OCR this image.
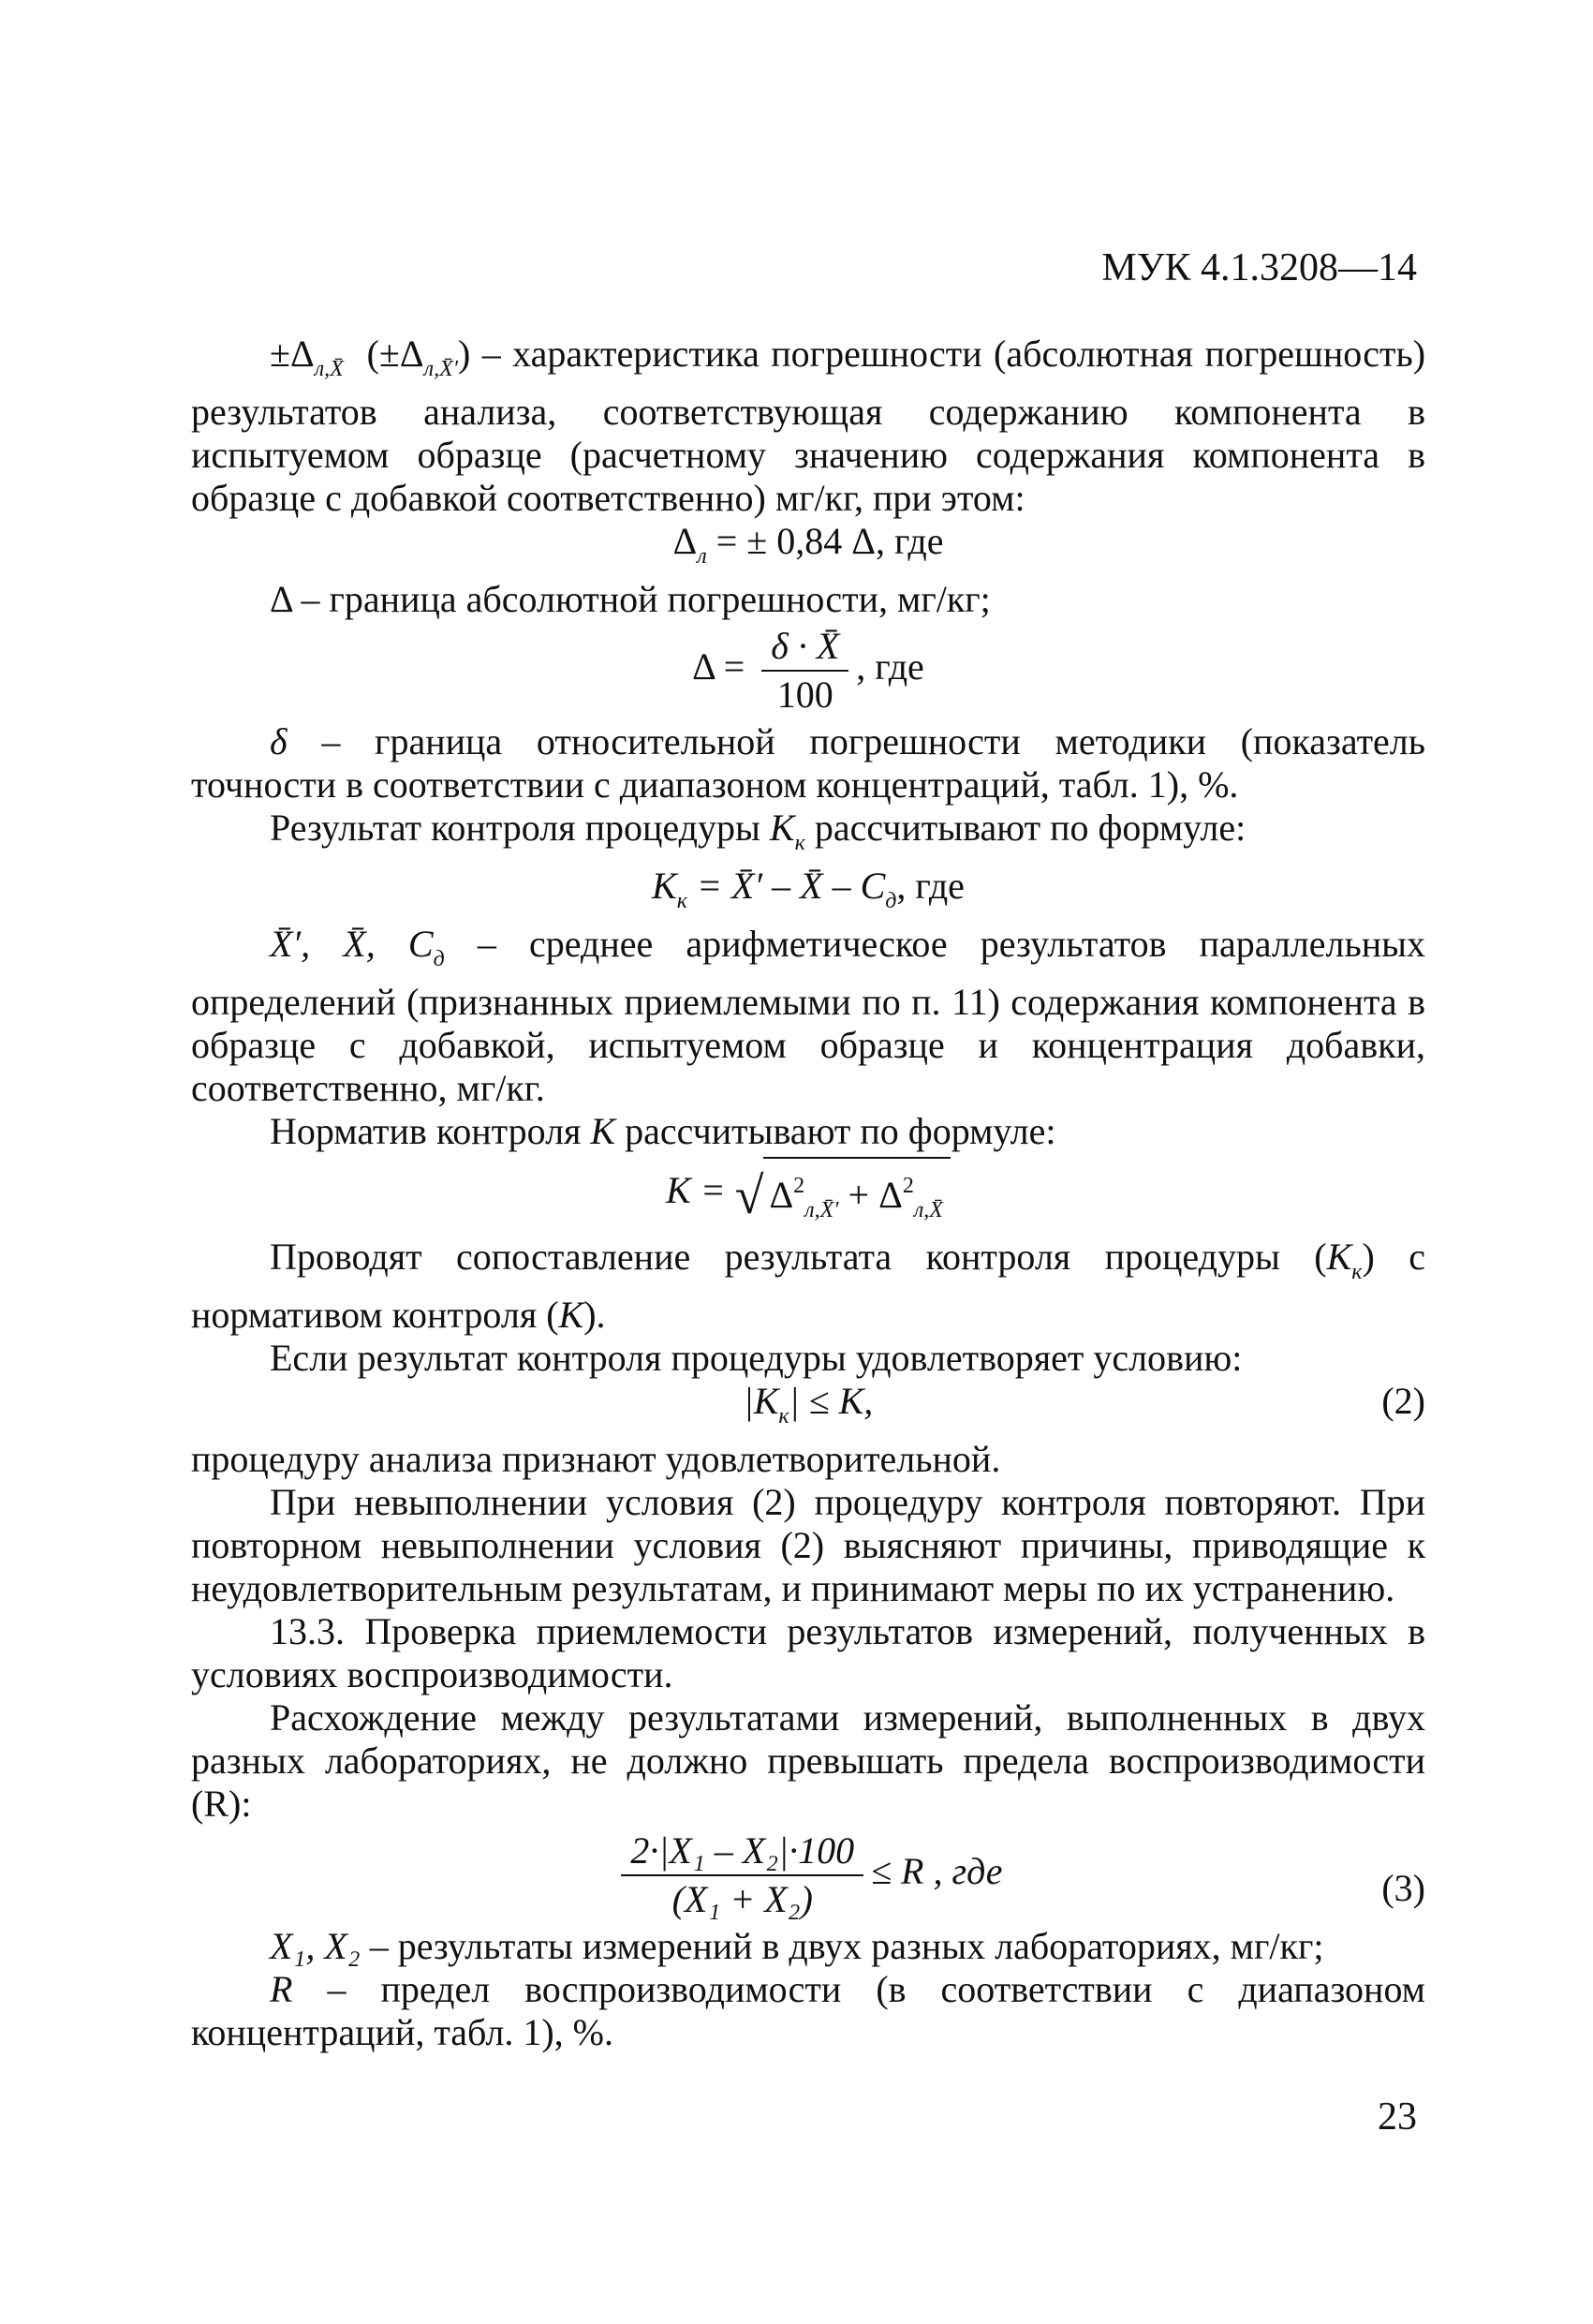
МУК 4.1.3208—14

$\pm\Delta_{л,X̄}$ $(\pm\Delta_{л,X̄'})$ – характеристика погрешности (абсолютная погрешность) результатов анализа, соответствующая содержанию компонента в испытуемом образце (расчетному значению содержания компонента в образце с добавкой соответственно) мг/кг, при этом:

$\Delta_л$ = ± 0,84 Δ, где

Δ – граница абсолютной погрешности, мг/кг;

$\Delta = \frac{\delta \cdot X̄}{100}$ , где

δ – граница относительной погрешности методики (показатель точности в соответствии с диапазоном концентраций, табл. 1), %.

Результат контроля процедуры $K_к$ рассчитывают по формуле:

$K_к$ = X̄′ – X̄ – $C_д$, где

X̄′, X̄, $C_д$ – среднее арифметическое результатов параллельных определений (признанных приемлемыми по п. 11) содержания компонента в образце с добавкой, испытуемом образце и концентрация добавки, соответственно, мг/кг.

Норматив контроля K рассчитывают по формуле:

K = √ $\Delta^2_{л,X̄'} + \Delta^2_{л,X̄}$

Проводят сопоставление результата контроля процедуры $(K_к)$ с нормативом контроля (K).

Если результат контроля процедуры удовлетворяет условию:

$|K_к| \le K$,	(2)

процедуру анализа признают удовлетворительной.

При невыполнении условия (2) процедуру контроля повторяют. При повторном невыполнении условия (2) выясняют причины, приводящие к неудовлетворительным результатам, и принимают меры по их устранению.

13.3. Проверка приемлемости результатов измерений, полученных в условиях воспроизводимости.

Расхождение между результатами измерений, выполненных в двух разных лабораториях, не должно превышать предела воспроизводимости (R):

$\frac{\text{2·|X₁ – X₂|·100}}{\text{(X₁ + X₂)}} \le R$ , где	(3)

X₁, X₂ – результаты измерений в двух разных лабораториях, мг/кг;

R – предел воспроизводимости (в соответствии с диапазоном концентраций, табл. 1), %.

23
